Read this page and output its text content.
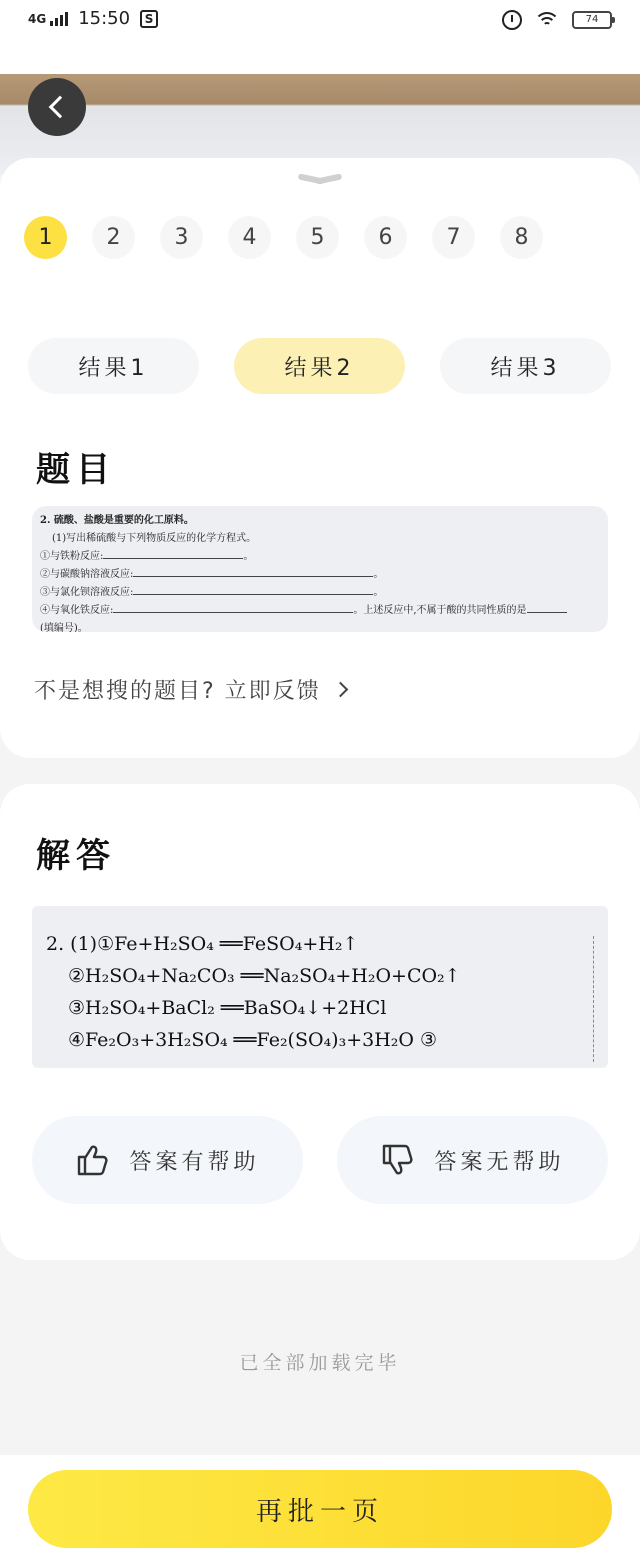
4G 15:50	S	74
1	2	3	4	5	6	7	8
结果1	结果2	结果3
题目
2. 硫酸、盐酸是重要的化工原料。
(1)写出稀硫酸与下列物质反应的化学方程式。
①与铁粉反应:	。
②与碳酸钠溶液反应:	。
③与氯化钡溶液反应:	。
④与氧化铁反应:	。上述反应中,不属于酸的共同性质的是
(填编号)。
不是想搜的题目? 立即反馈
解答
2. (1)①Fe+H₂SO₄ ══FeSO₄+H₂↑
②H₂SO₄+Na₂CO₃ ══Na₂SO₄+H₂O+CO₂↑
③H₂SO₄+BaCl₂ ══BaSO₄↓+2HCl
④Fe₂O₃+3H₂SO₄ ══Fe₂(SO₄)₃+3H₂O ③
答案有帮助	答案无帮助
已全部加载完毕
再批一页
